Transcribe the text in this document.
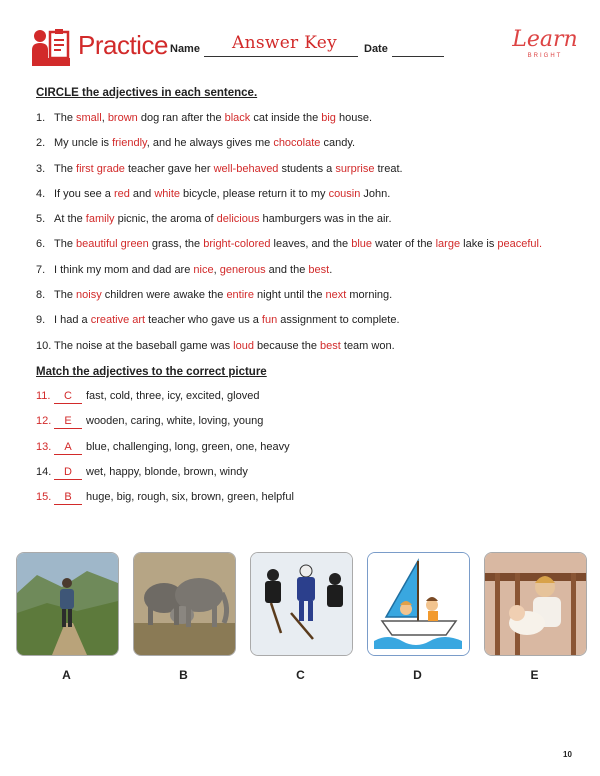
Practice Name Answer Key Date	Learn
BRIGHT
CIRCLE the adjectives in each sentence.
1. The small, brown dog ran after the black cat inside the big house.
2. My uncle is friendly, and he always gives me chocolate candy.
3. The first grade teacher gave her well-behaved students a surprise treat.
4. If you see a red and white bicycle, please return it to my cousin John.
5. At the family picnic, the aroma of delicious hamburgers was in the air.
6. The beautiful green grass, the bright-colored leaves, and the blue water of the large lake is peaceful.
7. I think my mom and dad are nice, generous and the best.
8. The noisy children were awake the entire night until the next morning.
9. I had a creative art teacher who gave us a fun assignment to complete.
10. The noise at the baseball game was loud because the best team won.
Match the adjectives to the correct picture
11. C fast, cold, three, icy, excited, gloved
12. E wooden, caring, white, loving, young
13. A blue, challenging, long, green, one, heavy
14. D wet, happy, blonde, brown, windy
15. B huge, big, rough, six, brown, green, helpful
A	B	C	D	E
10
